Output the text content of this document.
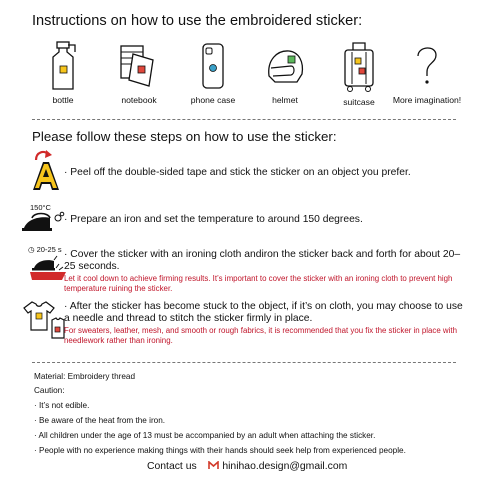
Instructions on how to use the embroidered sticker:
bottle	notebook	phone case	helmet	suitcase	More imagination!
Please follow these steps on how to use the sticker:
· Peel off the double-sided tape and stick the sticker on an object you prefer.
150°C
· Prepare an iron and set the temperature to around 150 degrees.
◷ 20-25 s · Cover the sticker with an ironing cloth andiron the sticker back and forth for about 20–25 seconds.
Let it cool down to achieve firming results. It’s important to cover the sticker with an ironing cloth to prevent high temperature ruining the sticker.
· After the sticker has become stuck to the object, if it’s on cloth, you may choose to use a needle and thread to stitch the sticker firmly in place.
For sweaters, leather, mesh, and smooth or rough fabrics, it is recommended that you fix the sticker in place with needlework rather than ironing.
Material: Embroidery thread
Caution:
· It’s not edible.
· Be aware of the heat from the iron.
· All children under the age of 13 must be accompanied by an adult when attaching the sticker.
· People with no experience making things with their hands should seek help from experienced people.
Contact us hinihao.design@gmail.com
